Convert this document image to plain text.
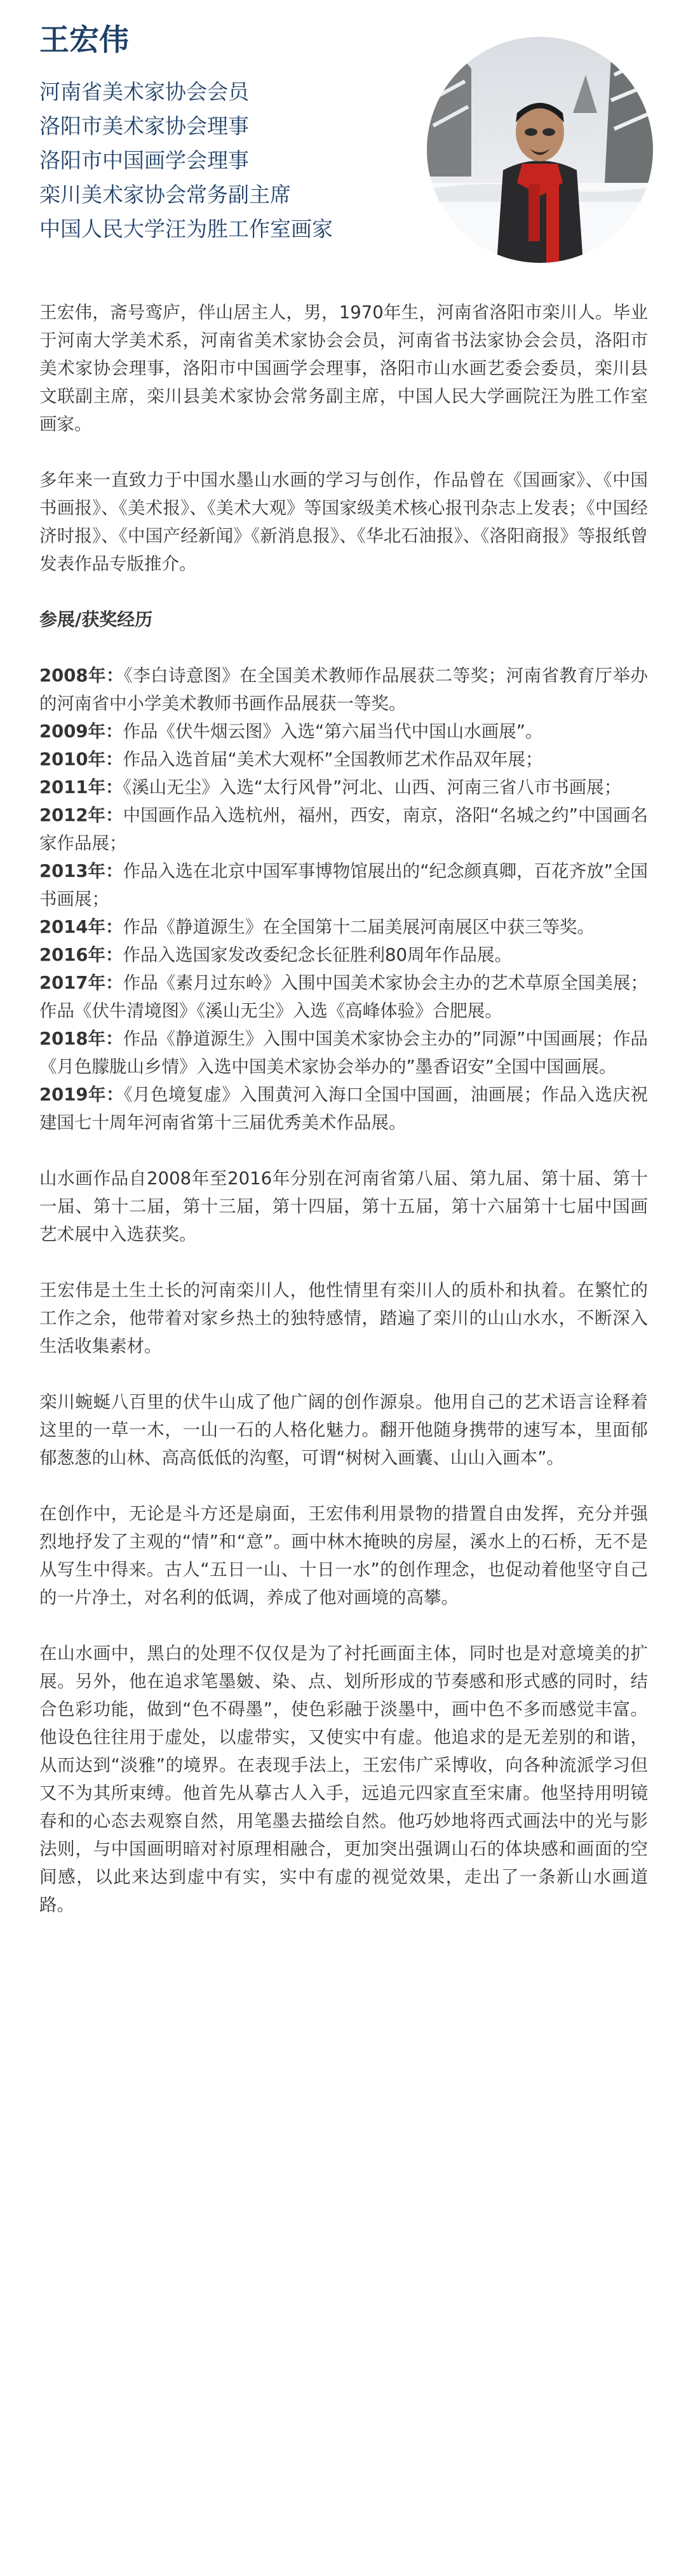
王宏伟
河南省美术家协会会员
洛阳市美术家协会理事
洛阳市中国画学会理事
栾川美术家协会常务副主席
中国人民大学汪为胜工作室画家

王宏伟，斋号鸾庐，伴山居主人，男，1970年生，河南省洛阳市栾川人。毕业于河南大学美术系，河南省美术家协会会员，河南省书法家协会会员，洛阳市美术家协会理事，洛阳市中国画学会理事，洛阳市山水画艺委会委员，栾川县文联副主席，栾川县美术家协会常务副主席，中国人民大学画院汪为胜工作室画家。

多年来一直致力于中国水墨山水画的学习与创作，作品曾在《国画家》、《中国书画报》、《美术报》、《美术大观》等国家级美术核心报刊杂志上发表；《中国经济时报》、《中国产经新闻》《新消息报》、《华北石油报》、《洛阳商报》等报纸曾发表作品专版推介。

参展/获奖经历
2008年：《李白诗意图》在全国美术教师作品展获二等奖；河南省教育厅举办的河南省中小学美术教师书画作品展获一等奖。
2009年：作品《伏牛烟云图》入选“第六届当代中国山水画展”。
2010年：作品入选首届“美术大观杯”全国教师艺术作品双年展；
2011年：《溪山无尘》入选“太行风骨”河北、山西、河南三省八市书画展；
2012年：中国画作品入选杭州，福州，西安，南京，洛阳“名城之约”中国画名家作品展；
2013年：作品入选在北京中国军事博物馆展出的“纪念颜真卿，百花齐放”全国书画展；
2014年：作品《静道源生》在全国第十二届美展河南展区中获三等奖。
2016年：作品入选国家发改委纪念长征胜利80周年作品展。
2017年：作品《素月过东岭》入围中国美术家协会主办的艺术草原全国美展；作品《伏牛清境图》《溪山无尘》入选《高峰体验》合肥展。
2018年：作品《静道源生》入围中国美术家协会主办的”同源”中国画展；作品《月色朦胧山乡情》入选中国美术家协会举办的”墨香诏安”全国中国画展。
2019年：《月色境复虚》入围黄河入海口全国中国画，油画展；作品入选庆祝建国七十周年河南省第十三届优秀美术作品展。

山水画作品自2008年至2016年分别在河南省第八届、第九届、第十届、第十一届、第十二届，第十三届，第十四届，第十五届，第十六届第十七届中国画艺术展中入选获奖。

王宏伟是土生土长的河南栾川人，他性情里有栾川人的质朴和执着。在繁忙的工作之余，他带着对家乡热土的独特感情，踏遍了栾川的山山水水，不断深入生活收集素材。

栾川蜿蜒八百里的伏牛山成了他广阔的创作源泉。他用自己的艺术语言诠释着这里的一草一木，一山一石的人格化魅力。翻开他随身携带的速写本，里面郁郁葱葱的山林、高高低低的沟壑，可谓“树树入画囊、山山入画本”。

在创作中，无论是斗方还是扇面，王宏伟利用景物的措置自由发挥，充分并强烈地抒发了主观的“情”和“意”。画中林木掩映的房屋，溪水上的石桥，无不是从写生中得来。古人“五日一山、十日一水”的创作理念，也促动着他坚守自己的一片净土，对名利的低调，养成了他对画境的高攀。

在山水画中，黑白的处理不仅仅是为了衬托画面主体，同时也是对意境美的扩展。另外，他在追求笔墨皴、染、点、划所形成的节奏感和形式感的同时，结合色彩功能，做到“色不碍墨”，使色彩融于淡墨中，画中色不多而感觉丰富。他设色往往用于虚处，以虚带实，又使实中有虚。他追求的是无差别的和谐，从而达到“淡雅”的境界。在表现手法上，王宏伟广采博收，向各种流派学习但又不为其所束缚。他首先从摹古人入手，远追元四家直至宋庸。他坚持用明镜春和的心态去观察自然，用笔墨去描绘自然。他巧妙地将西式画法中的光与影法则，与中国画明暗对衬原理相融合，更加突出强调山石的体块感和画面的空间感，以此来达到虚中有实，实中有虚的视觉效果，走出了一条新山水画道路。
